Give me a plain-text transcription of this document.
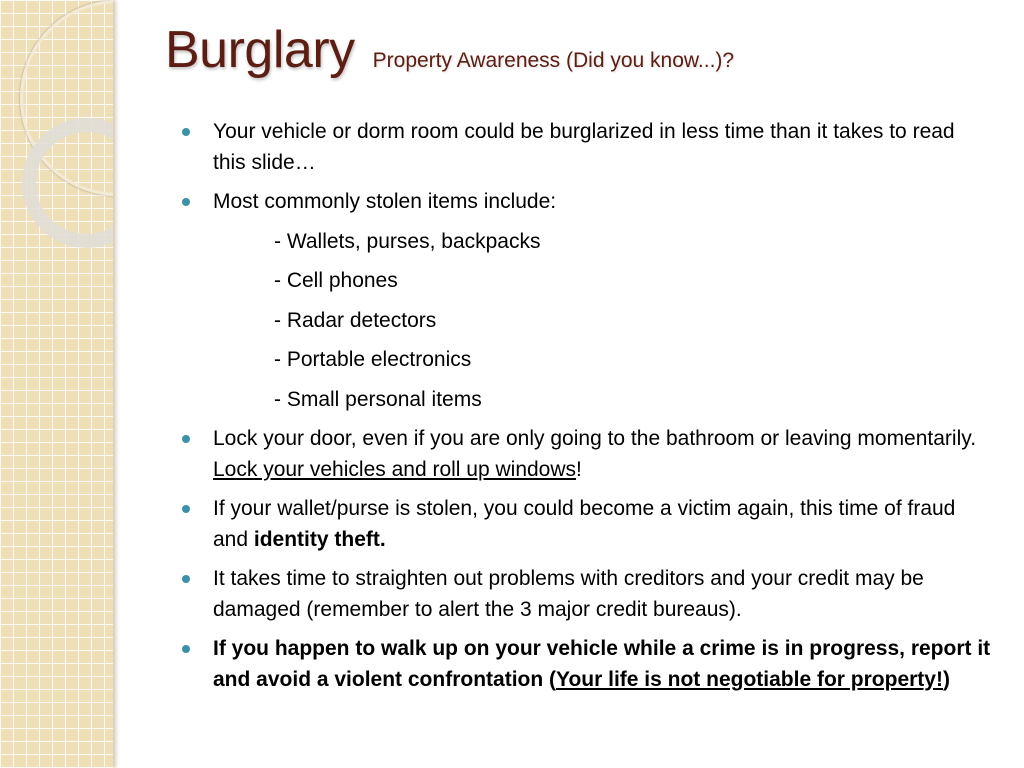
Burglary Property Awareness (Did you know...)?
Your vehicle or dorm room could be burglarized in less time than it takes to read this slide…
Most commonly stolen items include:
- Wallets, purses, backpacks
- Cell phones
- Radar detectors
- Portable electronics
- Small personal items
Lock your door, even if you are only going to the bathroom or leaving momentarily. Lock your vehicles and roll up windows!
If your wallet/purse is stolen, you could become a victim again, this time of fraud and identity theft.
It takes time to straighten out problems with creditors and your credit may be damaged (remember to alert the 3 major credit bureaus).
If you happen to walk up on your vehicle while a crime is in progress, report it and avoid a violent confrontation (Your life is not negotiable for property!)
